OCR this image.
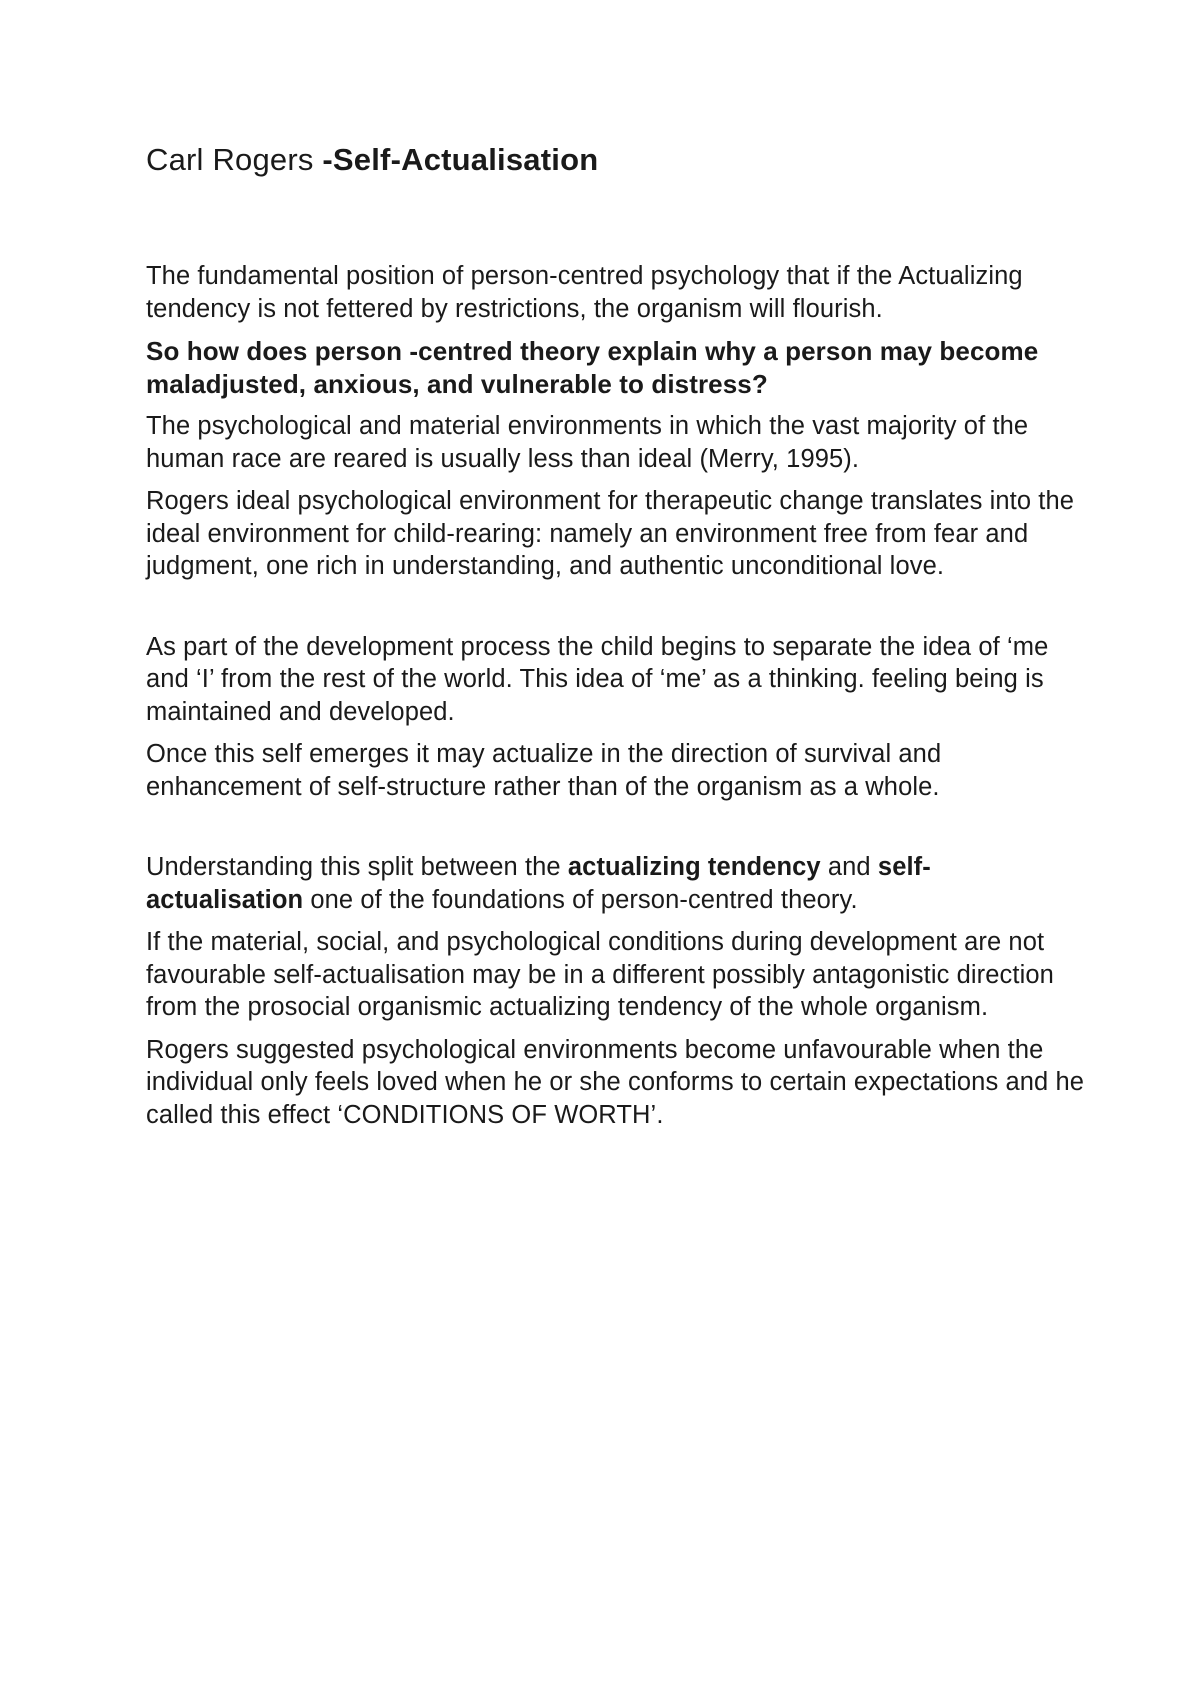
Carl Rogers -Self-Actualisation

The fundamental position of person-centred psychology that if the Actualizing tendency is not fettered by restrictions, the organism will flourish.

So how does person -centred theory explain why a person may become maladjusted, anxious, and vulnerable to distress?

The psychological and material environments in which the vast majority of the human race are reared is usually less than ideal (Merry, 1995).

Rogers ideal psychological environment for therapeutic change translates into the ideal environment for child-rearing: namely an environment free from fear and judgment, one rich in understanding, and authentic unconditional love.

As part of the development process the child begins to separate the idea of ‘me and ‘I’ from the rest of the world. This idea of ‘me’ as a thinking. feeling being is maintained and developed.

Once this self emerges it may actualize in the direction of survival and enhancement of self-structure rather than of the organism as a whole.

Understanding this split between the actualizing tendency and self-actualisation one of the foundations of person-centred theory.

If the material, social, and psychological conditions during development are not favourable self-actualisation may be in a different possibly antagonistic direction from the prosocial organismic actualizing tendency of the whole organism.

Rogers suggested psychological environments become unfavourable when the individual only feels loved when he or she conforms to certain expectations and he called this effect ‘CONDITIONS OF WORTH’.
